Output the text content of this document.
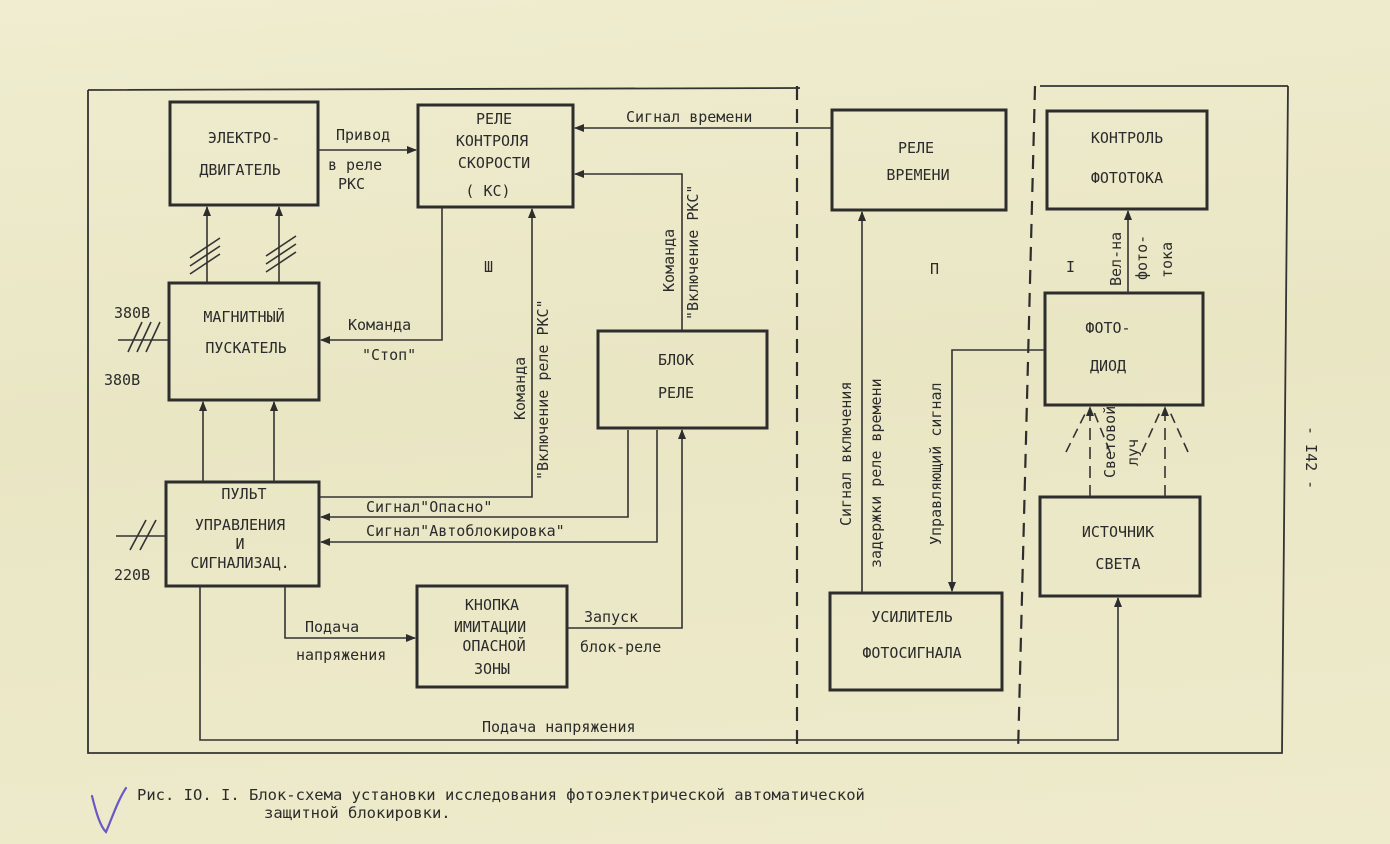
ЭЛЕКТРО-
ДВИГАТЕЛЬ
РЕЛЕ
КОНТРОЛЯ
СКОРОСТИ
( КС)
РЕЛЕ
ВРЕМЕНИ
КОНТРОЛЬ
ФОТОТОКА
МАГНИТНЫЙ
ПУСКАТЕЛЬ
БЛОК
РЕЛЕ
ФОТО-
ДИОД
ПУЛЬТ
УПРАВЛЕНИЯ
И
СИГНАЛИЗАЦ.
КНОПКА
ИМИТАЦИИ
ОПАСНОЙ
ЗОНЫ
ИСТОЧНИК
СВЕТА
УСИЛИТЕЛЬ
ФОТОСИГНАЛА
Привод
в реле
РКС
Сигнал времени
Команда
"Стоп"
Команда "Включение реле РКС"
Команда "Включение РКС"
Сигнал"Опасно"
Сигнал"Автоблокировка"
Подача
напряжения
Запуск
блок-реле
Подача напряжения
Сигнал включения задержки реле времени	Управляющий сигнал
Вел-на фото- тока
Световой луч
380В
380В
220В
Ш	П	I
- I42 -
Рис. IO. I. Блок-схема установки исследования фотоэлектрической автоматической
защитной блокировки.
